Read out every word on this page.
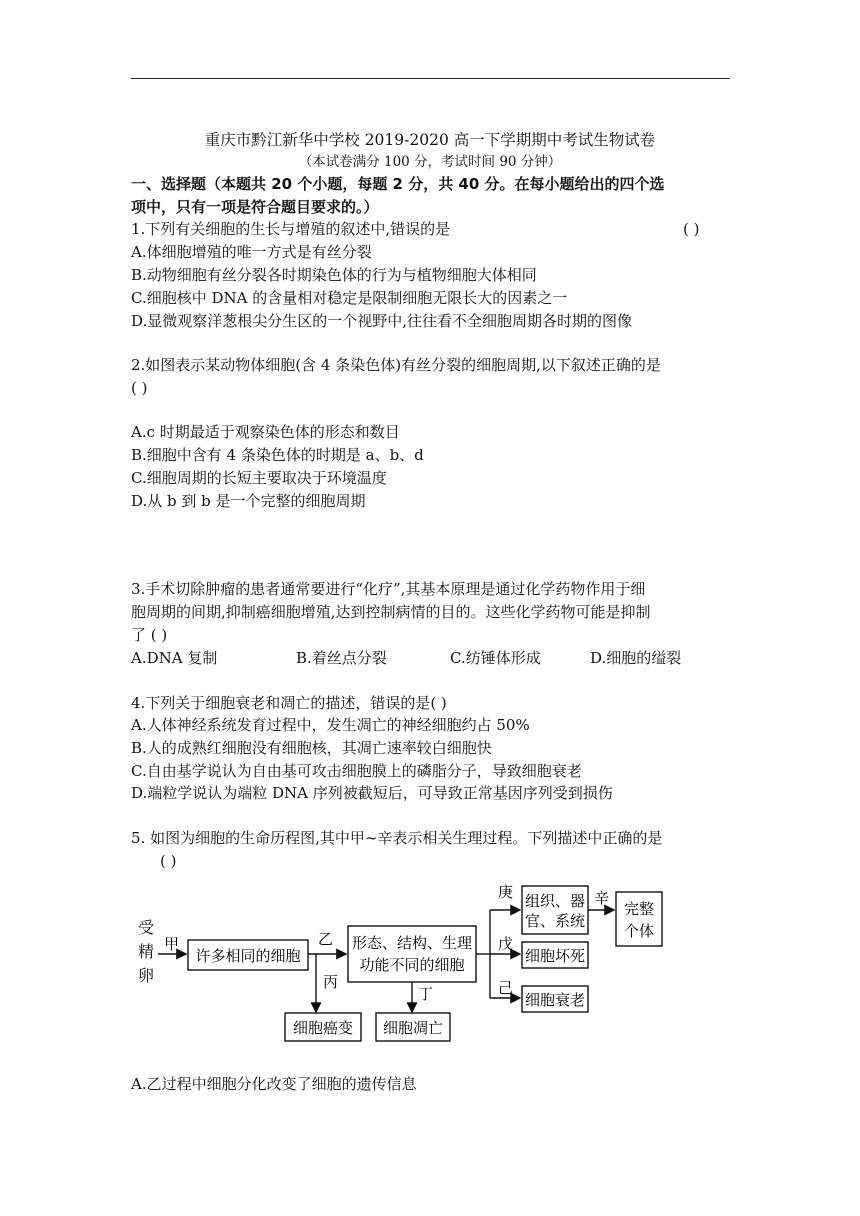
重庆市黔江新华中学校 2019-2020 高一下学期期中考试生物试卷
（本试卷满分 100 分，考试时间 90 分钟）
一、选择题（本题共 20 个小题，每题 2 分，共 40 分。在每小题给出的四个选
项中，只有一项是符合题目要求的。）
1.下列有关细胞的生长与增殖的叙述中,错误的是	( )
A.体细胞增殖的唯一方式是有丝分裂
B.动物细胞有丝分裂各时期染色体的行为与植物细胞大体相同
C.细胞核中 DNA 的含量相对稳定是限制细胞无限长大的因素之一
D.显微观察洋葱根尖分生区的一个视野中,往往看不全细胞周期各时期的图像
2.如图表示某动物体细胞(含 4 条染色体)有丝分裂的细胞周期,以下叙述正确的是
( )
A.c 时期最适于观察染色体的形态和数目
B.细胞中含有 4 条染色体的时期是 a、b、d
C.细胞周期的长短主要取决于环境温度
D.从 b 到 b 是一个完整的细胞周期
3.手术切除肿瘤的患者通常要进行“化疗”,其基本原理是通过化学药物作用于细
胞周期的间期,抑制癌细胞增殖,达到控制病情的目的。这些化学药物可能是抑制
了 ( )
A.DNA 复制	B.着丝点分裂	C.纺锤体形成	D.细胞的缢裂
4.下列关于细胞衰老和凋亡的描述，错误的是( )
A.人体神经系统发育过程中，发生凋亡的神经细胞约占 50%
B.人的成熟红细胞没有细胞核，其凋亡速率较白细胞快
C.自由基学说认为自由基可攻击细胞膜上的磷脂分子，导致细胞衰老
D.端粒学说认为端粒 DNA 序列被截短后，可导致正常基因序列受到损伤
5. 如图为细胞的生命历程图,其中甲~辛表示相关生理过程。下列描述中正确的是
( )
受
精
卵
甲
许多相同的细胞
乙
丙
细胞癌变
形态、结构、生理
功能不同的细胞
丁
细胞凋亡
庚
戊
己
组织、器
官、系统
细胞坏死
细胞衰老
辛
完整
个体
A.乙过程中细胞分化改变了细胞的遗传信息
